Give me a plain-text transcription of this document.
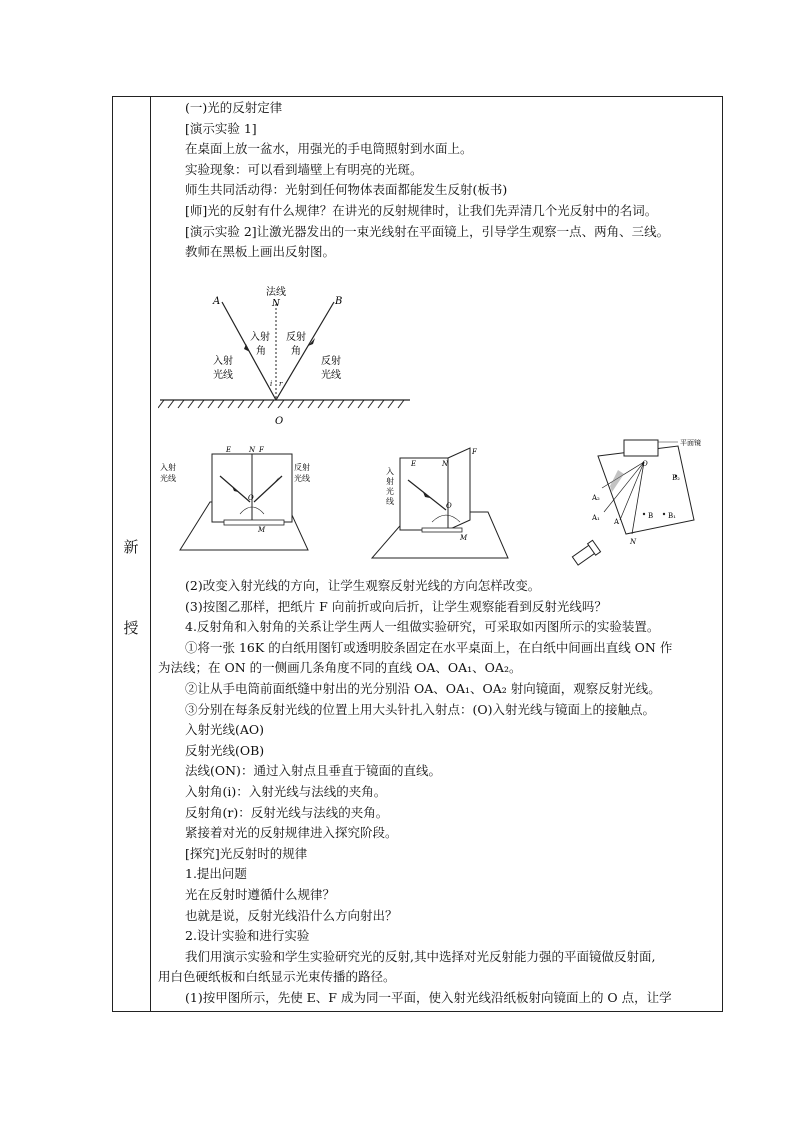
新
授
(一)光的反射定律
[演示实验 1]
在桌面上放一盆水，用强光的手电筒照射到水面上。
实验现象：可以看到墙壁上有明亮的光斑。
师生共同活动得：光射到任何物体表面都能发生反射(板书)
[师]光的反射有什么规律？在讲光的反射规律时，让我们先弄清几个光反射中的名词。
[演示实验 2]让激光器发出的一束光线射在平面镜上，引导学生观察一点、两角、三线。
教师在黑板上画出反射图。
A	B
法线
N
O
入射
角
反射
角
入射
光线
反射
光线
i r
E	N F
O
M
入射
光线
反射
光线
E	N
F
O
M
入射光线
平面镜
O
A₂
A₁ A
B B₁
B₂
N
(2)改变入射光线的方向，让学生观察反射光线的方向怎样改变。
(3)按图乙那样，把纸片 F 向前折或向后折，让学生观察能看到反射光线吗？
4.反射角和入射角的关系让学生两人一组做实验研究，可采取如丙图所示的实验装置。
①将一张 16K 的白纸用图钉或透明胶条固定在水平桌面上，在白纸中间画出直线 ON 作
为法线；在 ON 的一侧画几条角度不同的直线 OA、OA₁、OA₂。
②让从手电筒前面纸缝中射出的光分别沿 OA、OA₁、OA₂ 射向镜面，观察反射光线。
③分别在每条反射光线的位置上用大头针扎入射点：(O)入射光线与镜面上的接触点。
入射光线(AO)
反射光线(OB)
法线(ON)：通过入射点且垂直于镜面的直线。
入射角(i)：入射光线与法线的夹角。
反射角(r)：反射光线与法线的夹角。
紧接着对光的反射规律进入探究阶段。
[探究]光反射时的规律
1.提出问题
光在反射时遵循什么规律？
也就是说，反射光线沿什么方向射出？
2.设计实验和进行实验
我们用演示实验和学生实验研究光的反射,其中选择对光反射能力强的平面镜做反射面,
用白色硬纸板和白纸显示光束传播的路径。
(1)按甲图所示，先使 E、F 成为同一平面，使入射光线沿纸板射向镜面上的 O 点，让学
